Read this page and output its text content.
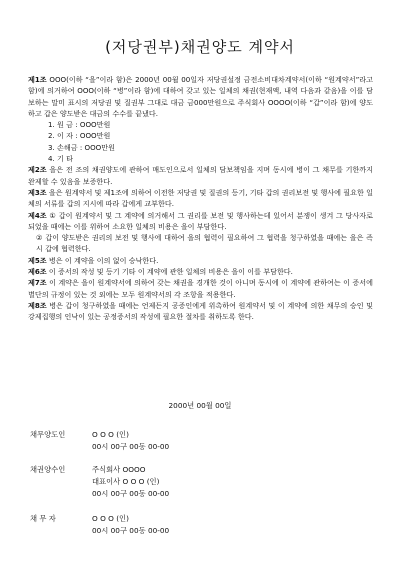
(저당권부)채권양도 계약서

제1조 OOO(이하 “을”이라 함)은 2000년 00월 00일자 저당권설정 금전소비대차계약서(이하 “원계약서”라고 함)에 의거하여 OOO(이하 “병”이라 함)에 대하여 갖고 있는 일체의 채권(현재액, 내역 다음과 같음)을 이를 담보하는 말미 표시의 저당권 및 질권부 그대로 대금 금000만원으로 주식회사 OOOO(이하 “갑”이라 함)에 양도하고 갑은 양도받은 대금의 수수를 끝냈다.

1. 원 금 : OOO만원
2. 이 자 : OOO만원
3. 손해금 : OOO만원
4. 기 타

제2조 을은 전 조의 채권양도에 관하여 매도인으로서 일체의 담보책임을 지며 동시에 병이 그 채무를 기한까지 완제할 수 있음을 보증한다.

제3조 을은 원계약서 및 제1조에 의하여 이전한 저당권 및 질권의 등기, 기타 갑의 권리보전 및 행사에 필요한 일체의 서류를 갑의 지시에 따라 갑에게 교부한다.

제4조 ① 갑이 원계약서 및 그 계약에 의거해서 그 권리를 보전 및 행사하는데 있어서 분쟁이 생겨 그 당사자로 되었을 때에는 이를 위하여 소요한 일체의 비용은 을이 부담한다.

② 갑이 양도받은 권리의 보전 및 행사에 대하여 을의 협력이 필요하여 그 협력을 청구하였을 때에는 을은 즉시 갑에 협력한다.

제5조 병은 이 계약을 이의 없이 승낙한다.

제6조 이 증서의 작성 및 등기 기타 이 계약에 관한 일체의 비용은 을이 이를 부담한다.

제7조 이 계약은 을이 원계약서에 의하여 갖는 채권을 경개한 것이 아니며 동시에 이 계약에 관하여는 이 증서에 별단의 규정이 있는 것 외에는 모두 원계약서의 각 조항을 적용한다.

제8조 병은 갑이 청구하였을 때에는 언제든지 공증인에게 위촉하여 원계약서 및 이 계약에 의한 채무의 승인 및 강제집행의 인낙이 있는 공정증서의 작성에 필요한 절차를 취하도록 한다.

2000년 00월 00일
채무양도인	O O O (인)
00시 00구 00동 00-00
채권양수인	주식회사 OOOO
대표이사 O O O (인)
00시 00구 00동 00-00
채 무 자	O O O (인)
00시 00구 00동 00-00
